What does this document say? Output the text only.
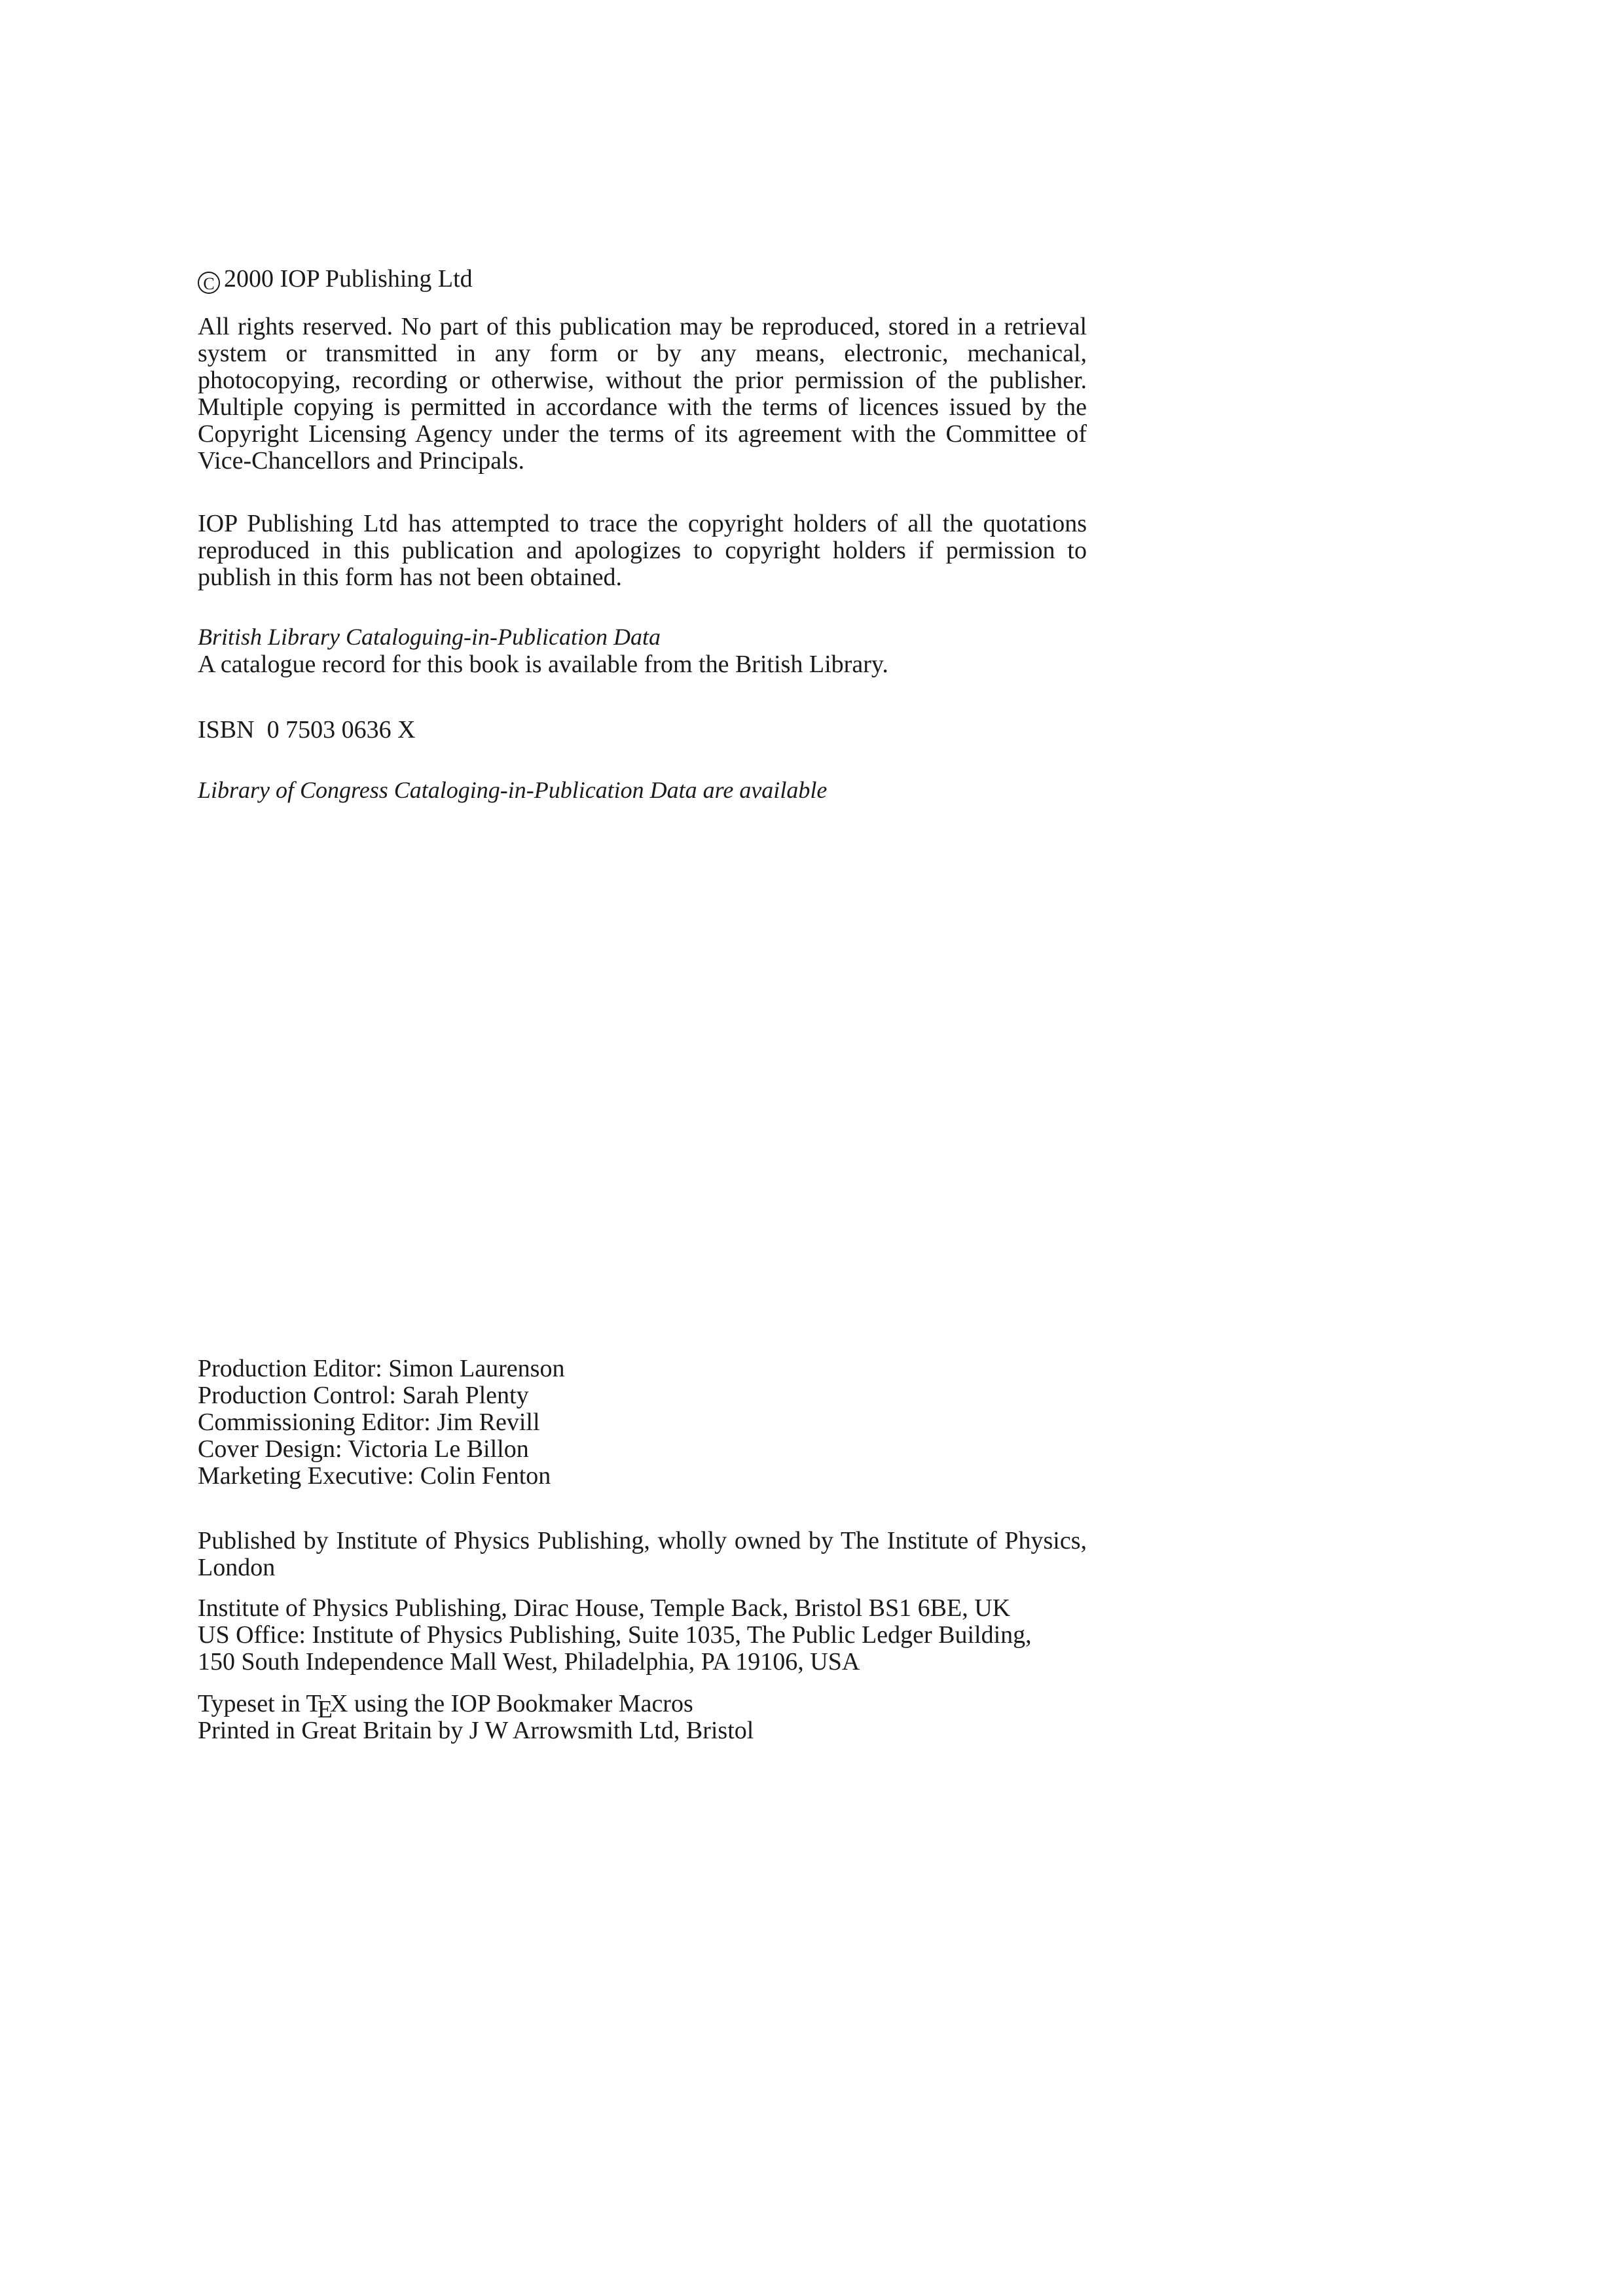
C 2000 IOP Publishing Ltd

All rights reserved. No part of this publication may be reproduced, stored in a retrieval system or transmitted in any form or by any means, electronic, mechanical, photocopying, recording or otherwise, without the prior permission of the publisher. Multiple copying is permitted in accordance with the terms of licences issued by the Copyright Licensing Agency under the terms of its agreement with the Committee of Vice-Chancellors and Principals.

IOP Publishing Ltd has attempted to trace the copyright holders of all the quotations reproduced in this publication and apologizes to copyright holders if permission to publish in this form has not been obtained.

British Library Cataloguing-in-Publication Data
A catalogue record for this book is available from the British Library.
ISBN  0 7503 0636 X
Library of Congress Cataloging-in-Publication Data are available
Production Editor: Simon Laurenson
Production Control: Sarah Plenty
Commissioning Editor: Jim Revill
Cover Design: Victoria Le Billon
Marketing Executive: Colin Fenton

Published by Institute of Physics Publishing, wholly owned by The Institute of Physics, London

Institute of Physics Publishing, Dirac House, Temple Back, Bristol BS1 6BE, UK
US Office: Institute of Physics Publishing, Suite 1035, The Public Ledger Building,
150 South Independence Mall West, Philadelphia, PA 19106, USA
Typeset in TEX using the IOP Bookmaker Macros
Printed in Great Britain by J W Arrowsmith Ltd, Bristol
